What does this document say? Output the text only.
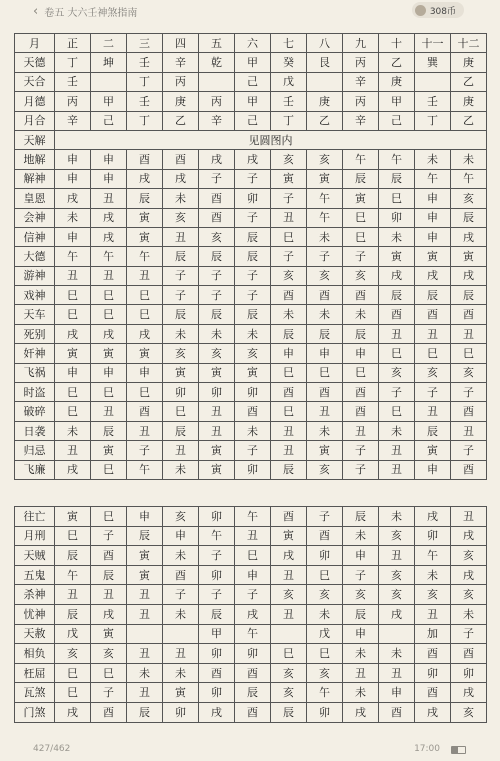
‹ 卷五 大六壬神煞指南	308币
月	正	二	三	四	五	六	七	八	九	十	十一	十二
天德	丁	坤	壬	辛	乾	甲	癸	艮	丙	乙	巽	庚
天合	壬		丁	丙		己	戊		辛	庚		乙
月德	丙	甲	壬	庚	丙	甲	壬	庚	丙	甲	壬	庚
月合	辛	己	丁	乙	辛	己	丁	乙	辛	己	丁	乙
天解	见圆图内											
地解	申	申	酉	酉	戌	戌	亥	亥	午	午	未	未
解神	申	申	戌	戌	子	子	寅	寅	辰	辰	午	午
皇恩	戌	丑	辰	未	酉	卯	子	午	寅	巳	申	亥
会神	未	戌	寅	亥	酉	子	丑	午	巳	卯	申	辰
信神	申	戌	寅	丑	亥	辰	巳	未	巳	未	申	戌
大德	午	午	午	辰	辰	辰	子	子	子	寅	寅	寅
游神	丑	丑	丑	子	子	子	亥	亥	亥	戌	戌	戌
戏神	巳	巳	巳	子	子	子	酉	酉	酉	辰	辰	辰
天车	巳	巳	巳	辰	辰	辰	未	未	未	酉	酉	酉
死别	戌	戌	戌	未	未	未	辰	辰	辰	丑	丑	丑
奸神	寅	寅	寅	亥	亥	亥	申	申	申	巳	巳	巳
飞祸	申	申	申	寅	寅	寅	巳	巳	巳	亥	亥	亥
时盗	巳	巳	巳	卯	卯	卯	酉	酉	酉	子	子	子
破碎	巳	丑	酉	巳	丑	酉	巳	丑	酉	巳	丑	酉
日袭	未	辰	丑	辰	丑	未	丑	未	丑	未	辰	丑
归忌	丑	寅	子	丑	寅	子	丑	寅	子	丑	寅	子
飞廉	戌	巳	午	未	寅	卯	辰	亥	子	丑	申	酉
往亡	寅	巳	申	亥	卯	午	酉	子	辰	未	戌	丑
月刑	巳	子	辰	申	午	丑	寅	酉	未	亥	卯	戌
天贼	辰	酉	寅	未	子	巳	戌	卯	申	丑	午	亥
五鬼	午	辰	寅	酉	卯	申	丑	巳	子	亥	未	戌
杀神	丑	丑	丑	子	子	子	亥	亥	亥	亥	亥	亥
忧神	辰	戌	丑	未	辰	戌	丑	未	辰	戌	丑	未
天赦	戊	寅			甲	午		戊	申		加	子
相负	亥	亥	丑	丑	卯	卯	巳	巳	未	未	酉	酉
枉屈	巳	巳	未	未	酉	酉	亥	亥	丑	丑	卯	卯
瓦煞	巳	子	丑	寅	卯	辰	亥	午	未	申	酉	戌
门煞	戌	酉	辰	卯	戌	酉	辰	卯	戌	酉	戌	亥
427/462	17:00
